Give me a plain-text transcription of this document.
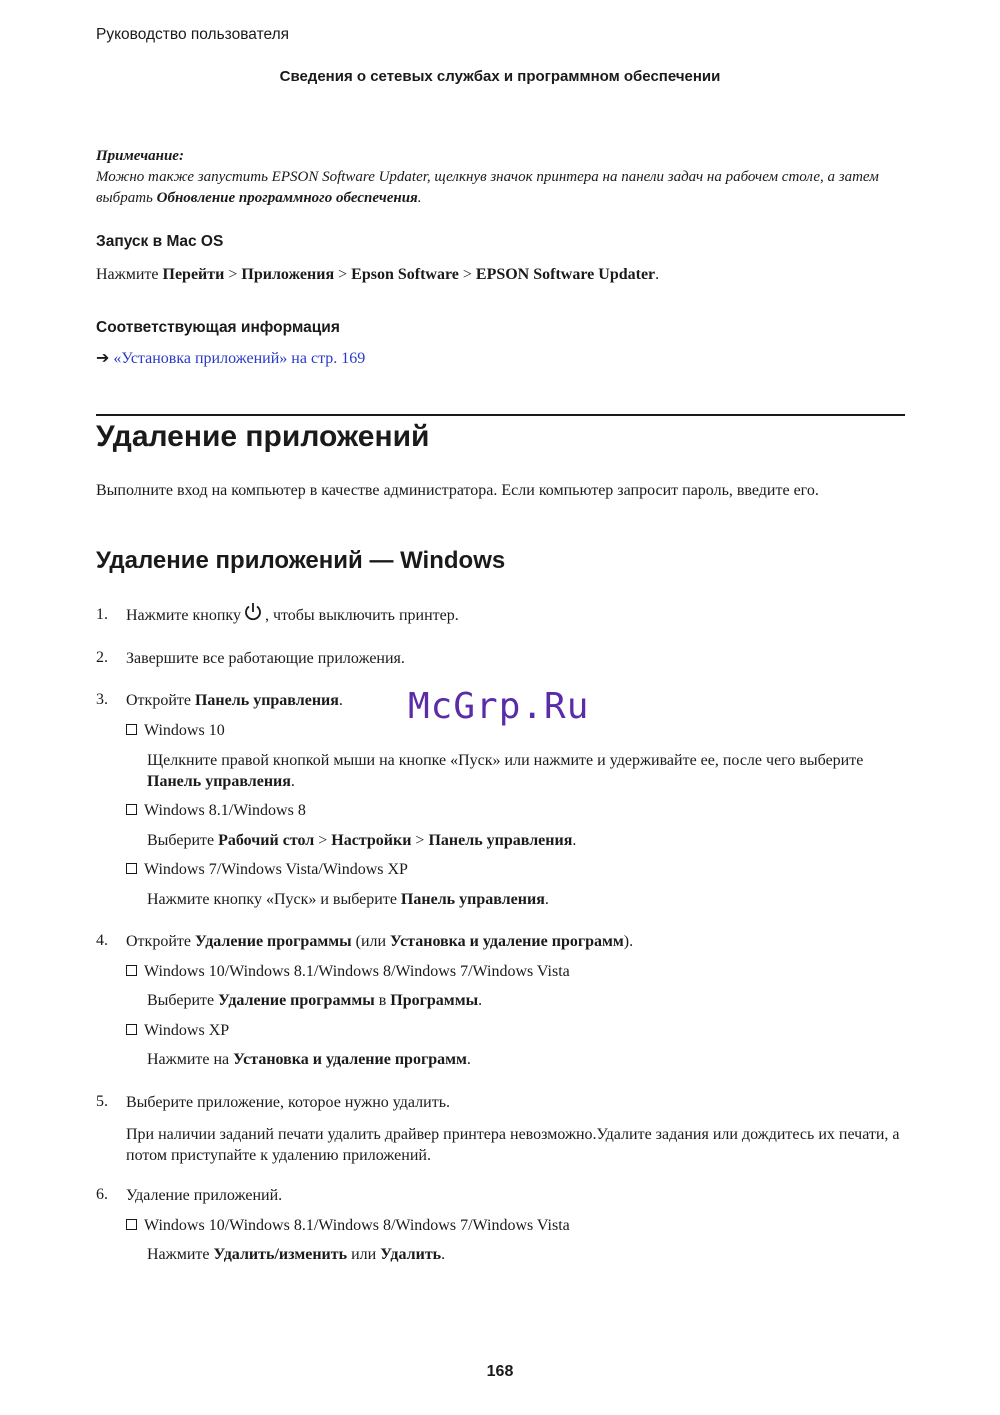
Руководство пользователя
Сведения о сетевых службах и программном обеспечении
Примечание:
Можно также запустить EPSON Software Updater, щелкнув значок принтера на панели задач на рабочем столе, а затем выбрать Обновление программного обеспечения.
Запуск в Mac OS
Нажмите Перейти > Приложения > Epson Software > EPSON Software Updater.
Соответствующая информация
➔ «Установка приложений» на стр. 169
Удаление приложений
Выполните вход на компьютер в качестве администратора. Если компьютер запросит пароль, введите его.
Удаление приложений — Windows
1. Нажмите кнопку , чтобы выключить принтер.
2. Завершите все работающие приложения.
3. Откройте Панель управления.
Windows 10
Щелкните правой кнопкой мыши на кнопке «Пуск» или нажмите и удерживайте ее, после чего выберите Панель управления.
Windows 8.1/Windows 8
Выберите Рабочий стол > Настройки > Панель управления.
Windows 7/Windows Vista/Windows XP
Нажмите кнопку «Пуск» и выберите Панель управления.
4. Откройте Удаление программы (или Установка и удаление программ).
Windows 10/Windows 8.1/Windows 8/Windows 7/Windows Vista
Выберите Удаление программы в Программы.
Windows XP
Нажмите на Установка и удаление программ.
5. Выберите приложение, которое нужно удалить.
При наличии заданий печати удалить драйвер принтера невозможно.Удалите задания или дождитесь их печати, а потом приступайте к удалению приложений.
6. Удаление приложений.
Windows 10/Windows 8.1/Windows 8/Windows 7/Windows Vista
Нажмите Удалить/изменить или Удалить.
McGrp.Ru
168
